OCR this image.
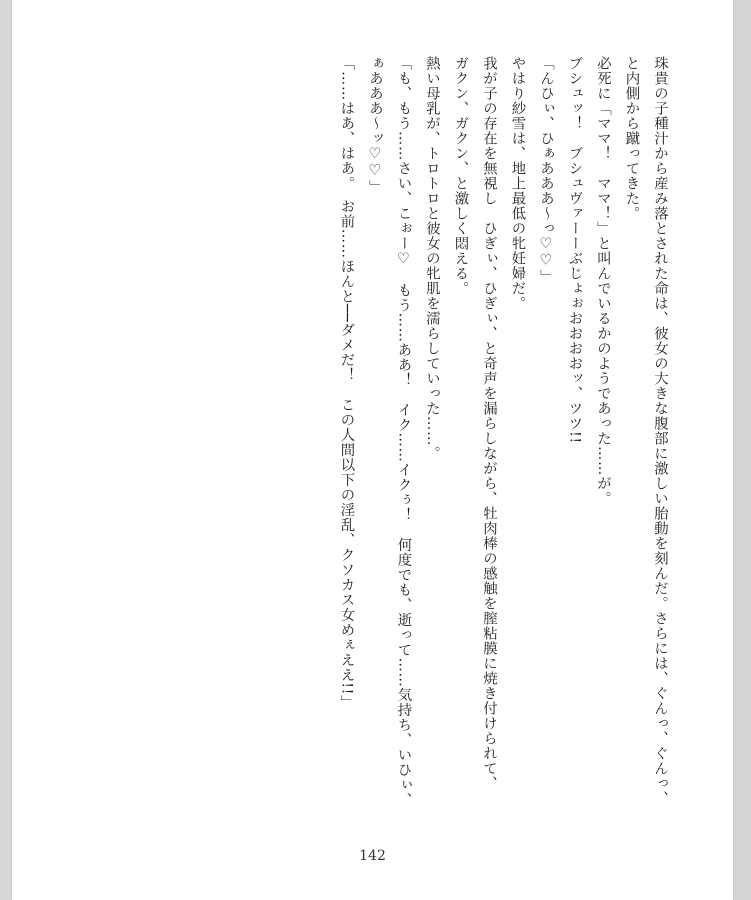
珠貴の子種汁から産み落とされた命は、彼女の大きな腹部に激しい胎動を刻んだ。さらには、ぐんっ、ぐんっ、

と内側から蹴ってきた。

必死に「ママ！　ママ！」と叫んでいるかのようであった……が。

ブシュッ！　ブシュヴァーーぶじょぉおおおおッ、ツツ!!

「んひぃ、ひぁあああ～っ♡♡」

やはり紗雪は、地上最低の牝妊婦だ。

我が子の存在を無視し　ひぎぃ、ひぎぃ、と奇声を漏らしながら、牡肉棒の感触を膣粘膜に焼き付けられて、

ガクン、ガクン、と激しく悶える。

熱い母乳が、トロトロと彼女の牝肌を濡らしていった……。

「も、もう……さい、こぉー♡　もう……ああ！　イク……イクぅ！　何度でも、逝って……気持ち、いひぃ、

ぁあああ～ッ♡♡」

「……はあ、はあ。　お前……ほんと──ダメだ！　この人間以下の淫乱、クソカス女めぇええ!!」

142
